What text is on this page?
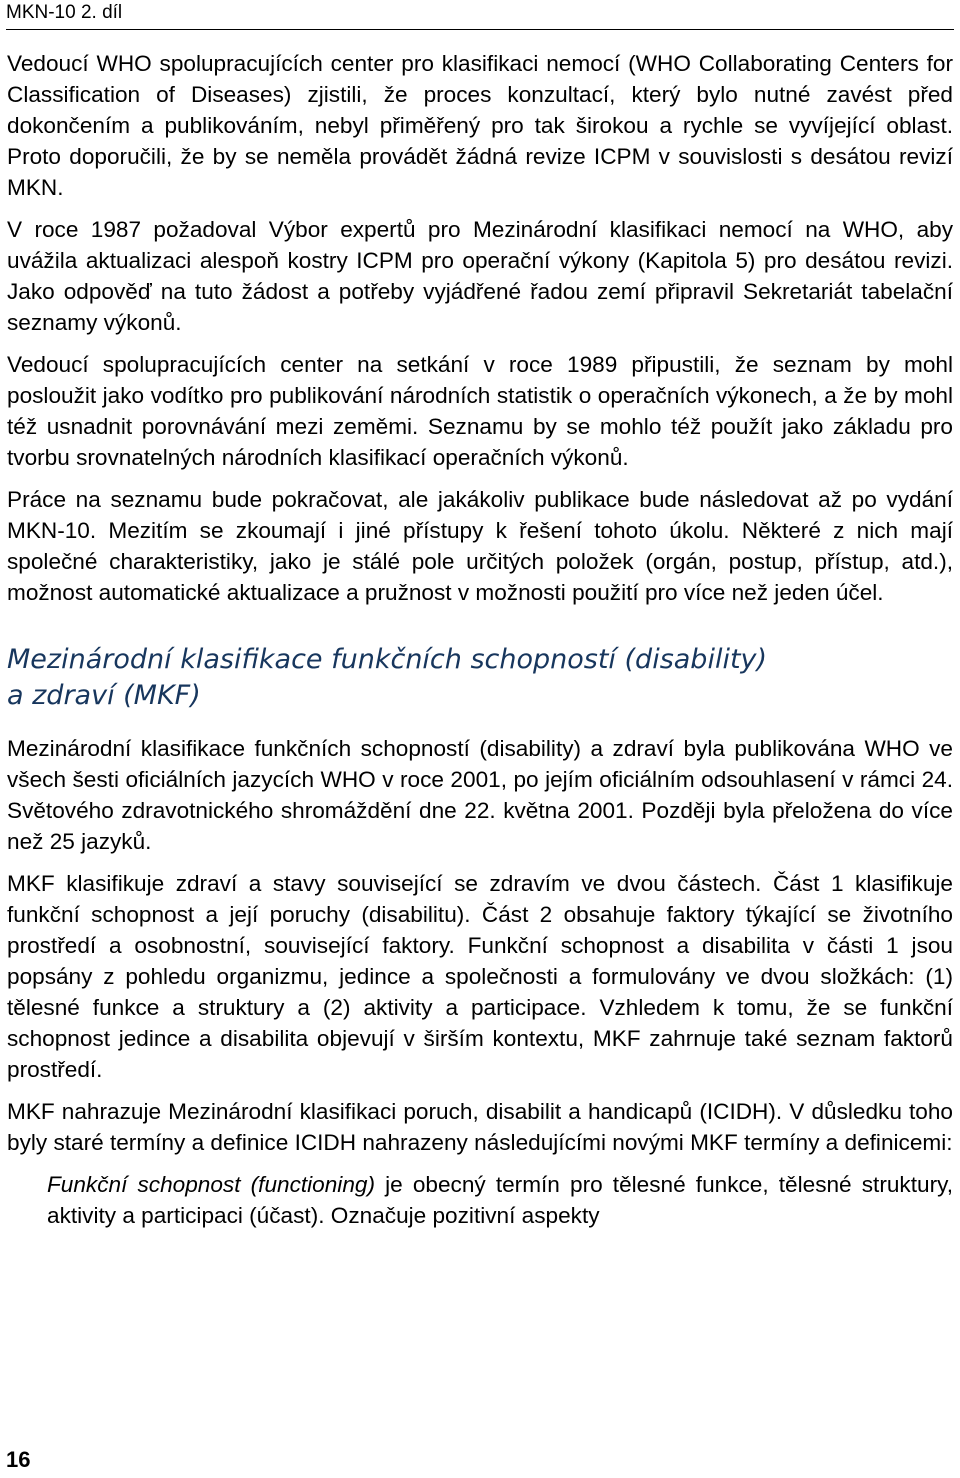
MKN-10 2. díl

Vedoucí WHO spolupracujících center pro klasifikaci nemocí (WHO Collaborating Centers for Classification of Diseases) zjistili, že proces konzultací, který bylo nutné zavést před dokončením a publikováním, nebyl přiměřený pro tak širokou a rychle se vyvíjející oblast. Proto doporučili, že by se neměla provádět žádná revize ICPM v souvislosti s desátou revizí MKN.

V roce 1987 požadoval Výbor expertů pro Mezinárodní klasifikaci nemocí na WHO, aby uvážila aktualizaci alespoň kostry ICPM pro operační výkony (Kapitola 5) pro desátou revizi. Jako odpověď na tuto žádost a potřeby vyjádřené řadou zemí připravil Sekretariát tabelační seznamy výkonů.

Vedoucí spolupracujících center na setkání v roce 1989 připustili, že seznam by mohl posloužit jako vodítko pro publikování národních statistik o operačních výkonech, a že by mohl též usnadnit porovnávání mezi zeměmi. Seznamu by se mohlo též použít jako základu pro tvorbu srovnatelných národních klasifikací operačních výkonů.

Práce na seznamu bude pokračovat, ale jakákoliv publikace bude následovat až po vydání MKN-10. Mezitím se zkoumají i jiné přístupy k řešení tohoto úkolu. Některé z nich mají společné charakteristiky, jako je stálé pole určitých položek (orgán, postup, přístup, atd.), možnost automatické aktualizace a pružnost v možnosti použití pro více než jeden účel.

Mezinárodní klasifikace funkčních schopností (disability)
a zdraví (MKF)

Mezinárodní klasifikace funkčních schopností (disability) a zdraví byla publikována WHO ve všech šesti oficiálních jazycích WHO v roce 2001, po jejím oficiálním odsouhlasení v rámci 24. Světového zdravotnického shromáždění dne 22. května 2001. Později byla přeložena do více než 25 jazyků.

MKF klasifikuje zdraví a stavy související se zdravím ve dvou částech. Část 1 klasifikuje funkční schopnost a její poruchy (disabilitu). Část 2 obsahuje faktory týkající se životního prostředí a osobnostní, související faktory. Funkční schopnost a disabilita v části 1 jsou popsány z pohledu organizmu, jedince a společnosti a formulovány ve dvou složkách: (1) tělesné funkce a struktury a (2) aktivity a participace. Vzhledem k tomu, že se funkční schopnost jedince a disabilita objevují v širším kontextu, MKF zahrnuje také seznam faktorů prostředí.

MKF nahrazuje Mezinárodní klasifikaci poruch, disabilit a handicapů (ICIDH). V důsledku toho byly staré termíny a definice ICIDH nahrazeny následujícími novými MKF termíny a definicemi:

Funkční schopnost (functioning) je obecný termín pro tělesné funkce, tělesné struktury, aktivity a participaci (účast). Označuje pozitivní aspekty

16
